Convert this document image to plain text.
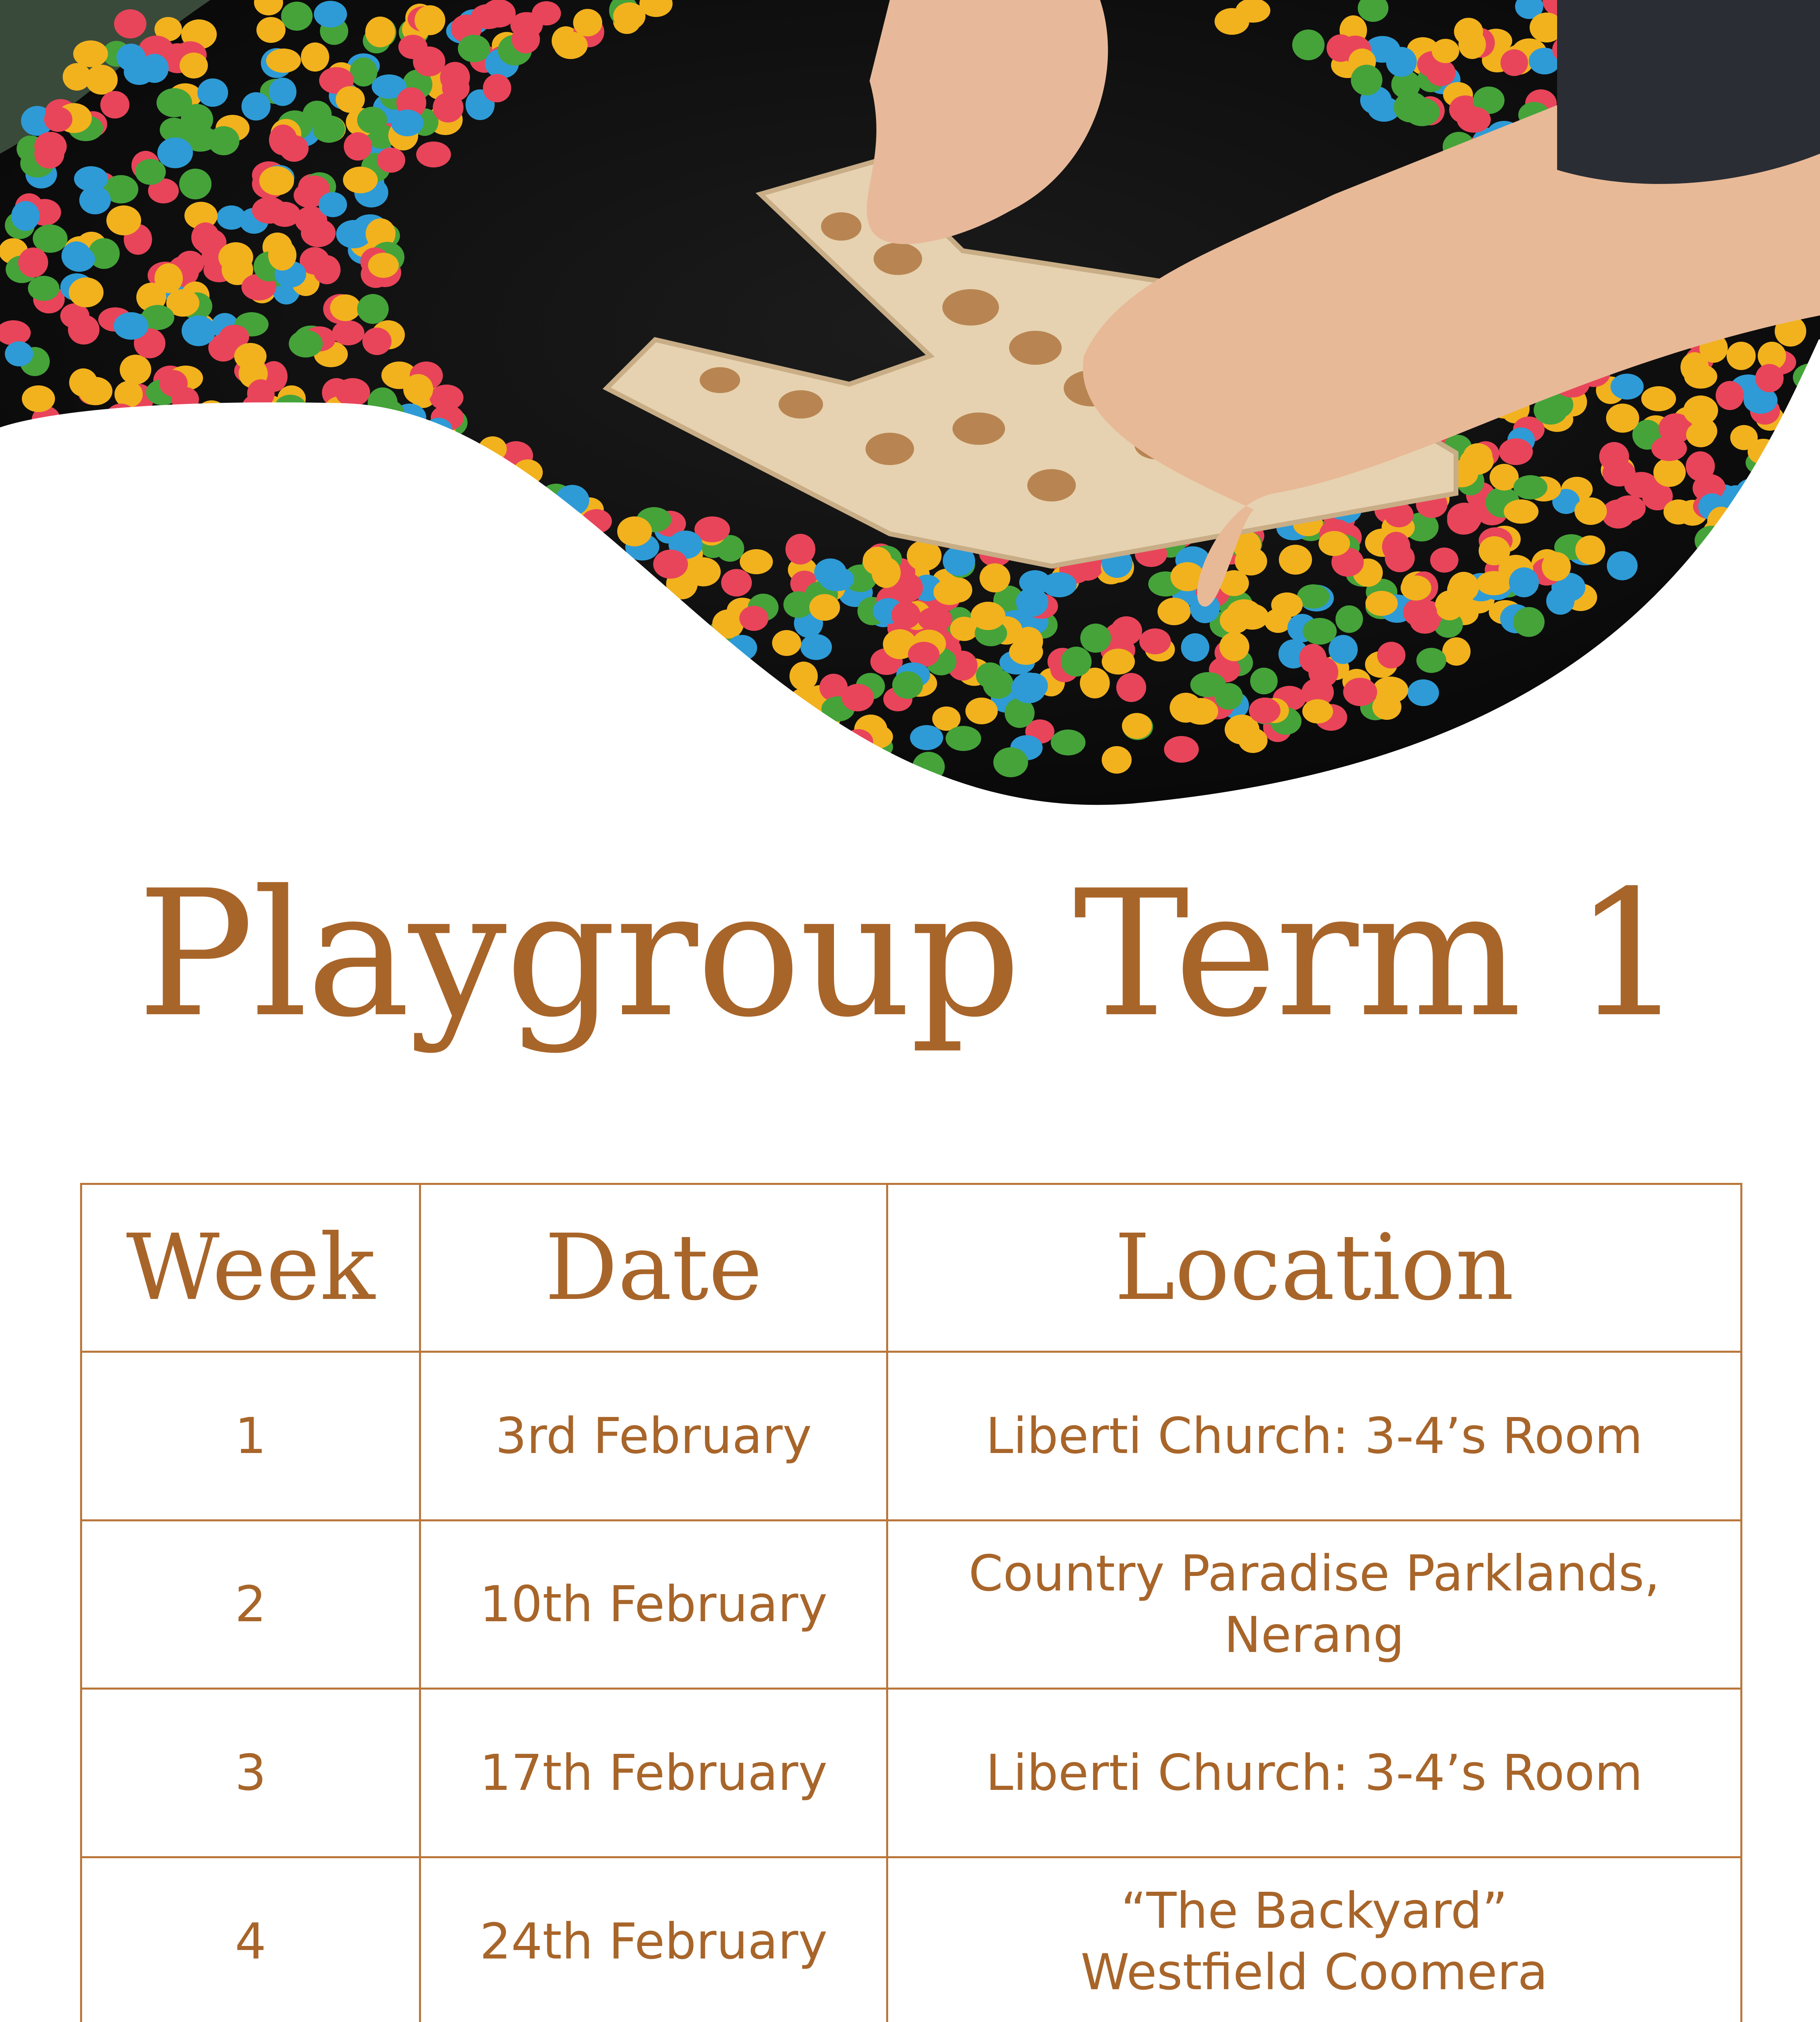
Playgroup Term 1
Week	Date	Location
1	3rd February	Liberti Church: 3-4’s Room
2	10th February	Country Paradise Parklands,
Nerang
3	17th February	Liberti Church: 3-4’s Room
4	24th February	“The Backyard”
Westfield Coomera
